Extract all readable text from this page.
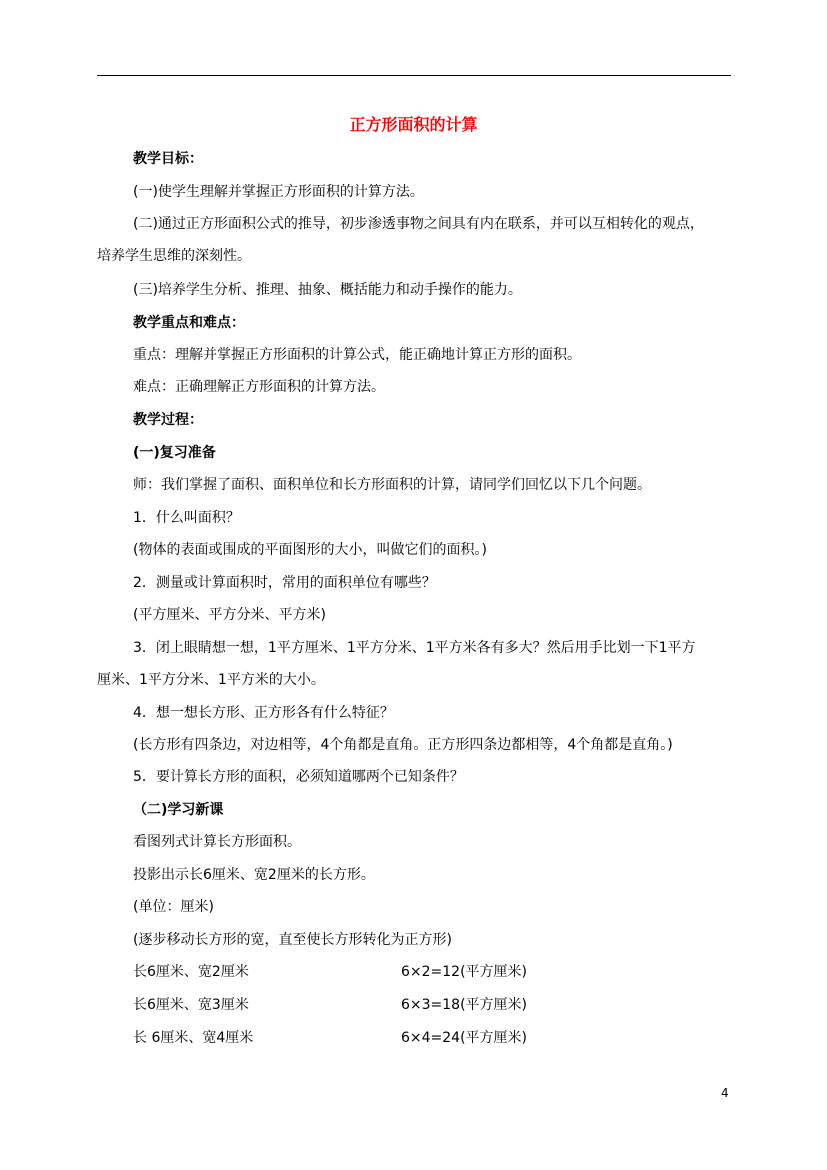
正方形面积的计算
教学目标：
(一)使学生理解并掌握正方形面积的计算方法。
(二)通过正方形面积公式的推导，初步渗透事物之间具有内在联系，并可以互相转化的观点，
培养学生思维的深刻性。
(三)培养学生分析、推理、抽象、概括能力和动手操作的能力。
教学重点和难点：
重点：理解并掌握正方形面积的计算公式，能正确地计算正方形的面积。
难点：正确理解正方形面积的计算方法。
教学过程：
(一)复习准备
师：我们掌握了面积、面积单位和长方形面积的计算，请同学们回忆以下几个问题。
1．什么叫面积？
(物体的表面或围成的平面图形的大小，叫做它们的面积。)
2．测量或计算面积时，常用的面积单位有哪些？
(平方厘米、平方分米、平方米)
3．闭上眼睛想一想，1平方厘米、1平方分米、1平方米各有多大？然后用手比划一下1平方
厘米、1平方分米、1平方米的大小。
4．想一想长方形、正方形各有什么特征？
(长方形有四条边，对边相等，4个角都是直角。正方形四条边都相等，4个角都是直角。)
5．要计算长方形的面积，必须知道哪两个已知条件？
（二)学习新课
看图列式计算长方形面积。
投影出示长6厘米、宽2厘米的长方形。
(单位：厘米)
(逐步移动长方形的宽，直至使长方形转化为正方形)
长6厘米、宽2厘米	6×2=12(平方厘米)
长6厘米、宽3厘米	6×3=18(平方厘米)
长 6厘米、宽4厘米	6×4=24(平方厘米)
4
